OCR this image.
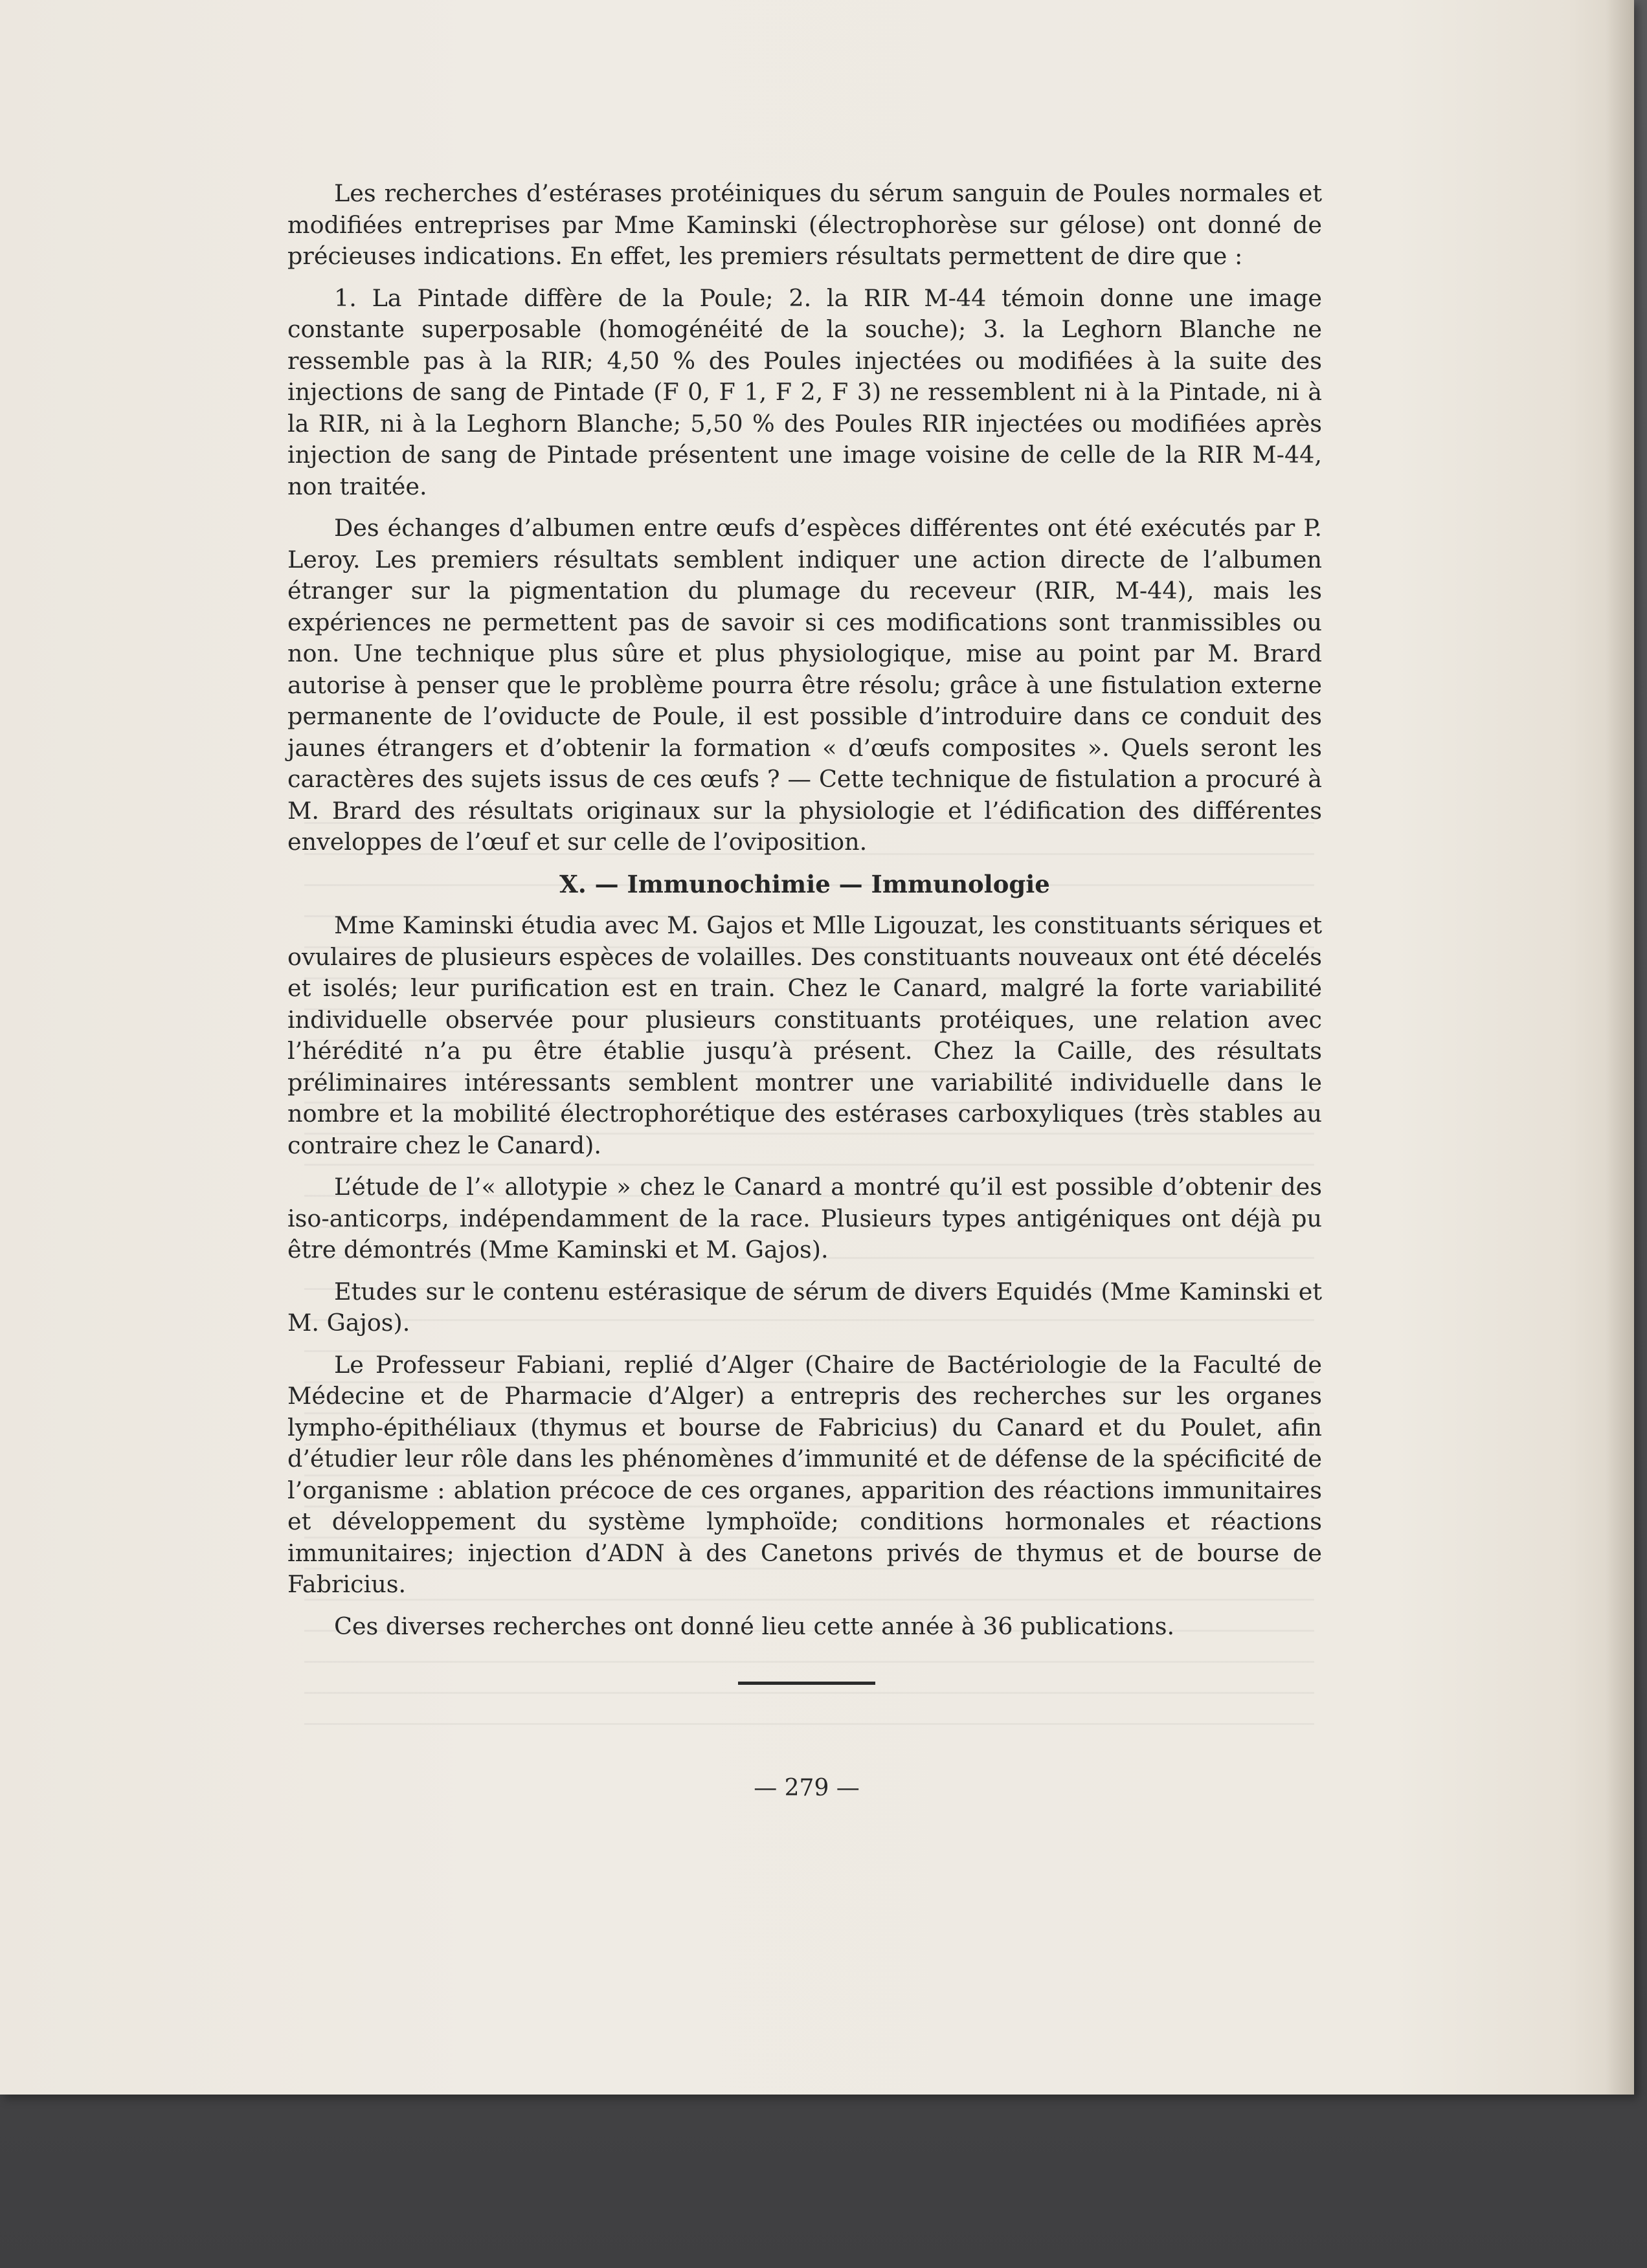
Les recherches d’estérases protéiniques du sérum sanguin de Poules normales et modifiées entreprises par Mme Kaminski (électrophorèse sur gélose) ont donné de précieuses indications. En effet, les premiers résultats permettent de dire que :

1. La Pintade diffère de la Poule; 2. la RIR M-44 témoin donne une image constante superposable (homogénéité de la souche); 3. la Leghorn Blanche ne ressemble pas à la RIR; 4,50 % des Poules injectées ou modifiées à la suite des injections de sang de Pintade (F 0, F 1, F 2, F 3) ne ressemblent ni à la Pintade, ni à la RIR, ni à la Leghorn Blanche; 5,50 % des Poules RIR injectées ou modifiées après injection de sang de Pintade présentent une image voisine de celle de la RIR M-44, non traitée.

Des échanges d’albumen entre œufs d’espèces différentes ont été exécutés par P. Leroy. Les premiers résultats semblent indiquer une action directe de l’albumen étranger sur la pigmentation du plumage du receveur (RIR, M-44), mais les expériences ne permettent pas de savoir si ces modifications sont tranmissibles ou non. Une technique plus sûre et plus physiologique, mise au point par M. Brard autorise à penser que le problème pourra être résolu; grâce à une fistulation externe permanente de l’oviducte de Poule, il est possible d’introduire dans ce conduit des jaunes étrangers et d’obtenir la formation « d’œufs composites ». Quels seront les caractères des sujets issus de ces œufs ? — Cette technique de fistulation a procuré à M. Brard des résultats originaux sur la physiologie et l’édification des différentes enveloppes de l’œuf et sur celle de l’oviposition.

X. — Immunochimie — Immunologie

Mme Kaminski étudia avec M. Gajos et Mlle Ligouzat, les constituants sériques et ovulaires de plusieurs espèces de volailles. Des constituants nouveaux ont été décelés et isolés; leur purification est en train. Chez le Canard, malgré la forte variabilité individuelle observée pour plusieurs constituants protéiques, une relation avec l’hérédité n’a pu être établie jusqu’à présent. Chez la Caille, des résultats préliminaires intéressants semblent montrer une variabilité individuelle dans le nombre et la mobilité électrophorétique des estérases carboxyliques (très stables au contraire chez le Canard).

L’étude de l’« allotypie » chez le Canard a montré qu’il est possible d’obtenir des iso-anticorps, indépendamment de la race. Plusieurs types antigéniques ont déjà pu être démontrés (Mme Kaminski et M. Gajos).

Etudes sur le contenu estérasique de sérum de divers Equidés (Mme Kaminski et M. Gajos).

Le Professeur Fabiani, replié d’Alger (Chaire de Bactériologie de la Faculté de Médecine et de Pharmacie d’Alger) a entrepris des recherches sur les organes lympho-épithéliaux (thymus et bourse de Fabricius) du Canard et du Poulet, afin d’étudier leur rôle dans les phénomènes d’immunité et de défense de la spécificité de l’organisme : ablation précoce de ces organes, apparition des réactions immunitaires et développement du système lymphoïde; conditions hormonales et réactions immunitaires; injection d’ADN à des Canetons privés de thymus et de bourse de Fabricius.

Ces diverses recherches ont donné lieu cette année à 36 publications.

— 279 —
